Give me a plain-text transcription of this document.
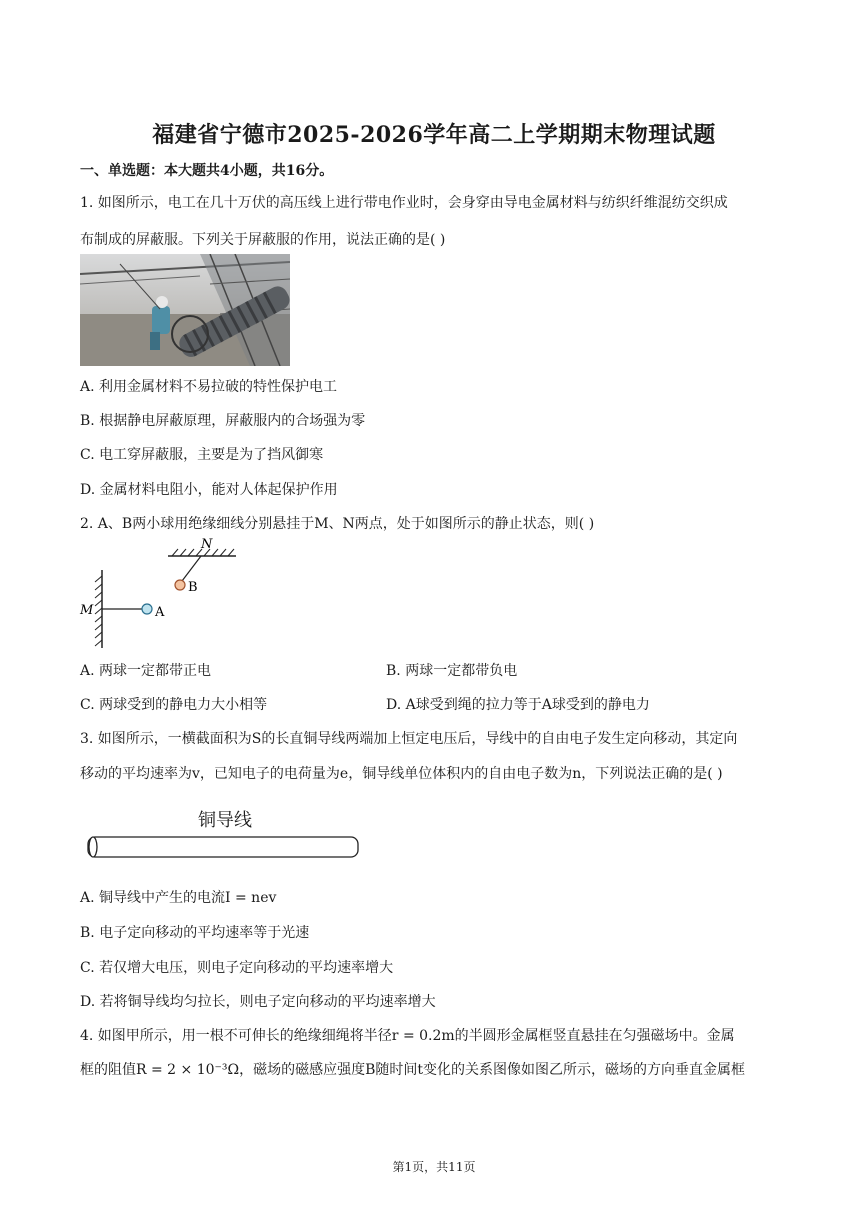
福建省宁德市2025-2026学年高二上学期期末物理试题
一、单选题：本大题共4小题，共16分。
1. 如图所示，电工在几十万伏的高压线上进行带电作业时，会身穿由导电金属材料与纺织纤维混纺交织成
布制成的屏蔽服。下列关于屏蔽服的作用，说法正确的是( )
A. 利用金属材料不易拉破的特性保护电工
B. 根据静电屏蔽原理，屏蔽服内的合场强为零
C. 电工穿屏蔽服，主要是为了挡风御寒
D. 金属材料电阻小，能对人体起保护作用
2. A、B两小球用绝缘细线分别悬挂于M、N两点，处于如图所示的静止状态，则( )
N
B
M	A
A. 两球一定都带正电	B. 两球一定都带负电
C. 两球受到的静电力大小相等	D. A球受到绳的拉力等于A球受到的静电力
3. 如图所示，一横截面积为S的长直铜导线两端加上恒定电压后，导线中的自由电子发生定向移动，其定向
移动的平均速率为v，已知电子的电荷量为e，铜导线单位体积内的自由电子数为n，下列说法正确的是( )
铜导线
A. 铜导线中产生的电流I = nev
B. 电子定向移动的平均速率等于光速
C. 若仅增大电压，则电子定向移动的平均速率增大
D. 若将铜导线均匀拉长，则电子定向移动的平均速率增大
4. 如图甲所示，用一根不可伸长的绝缘细绳将半径r = 0.2m的半圆形金属框竖直悬挂在匀强磁场中。金属
框的阻值R = 2 × 10⁻³Ω，磁场的磁感应强度B随时间t变化的关系图像如图乙所示，磁场的方向垂直金属框
第1页，共11页
